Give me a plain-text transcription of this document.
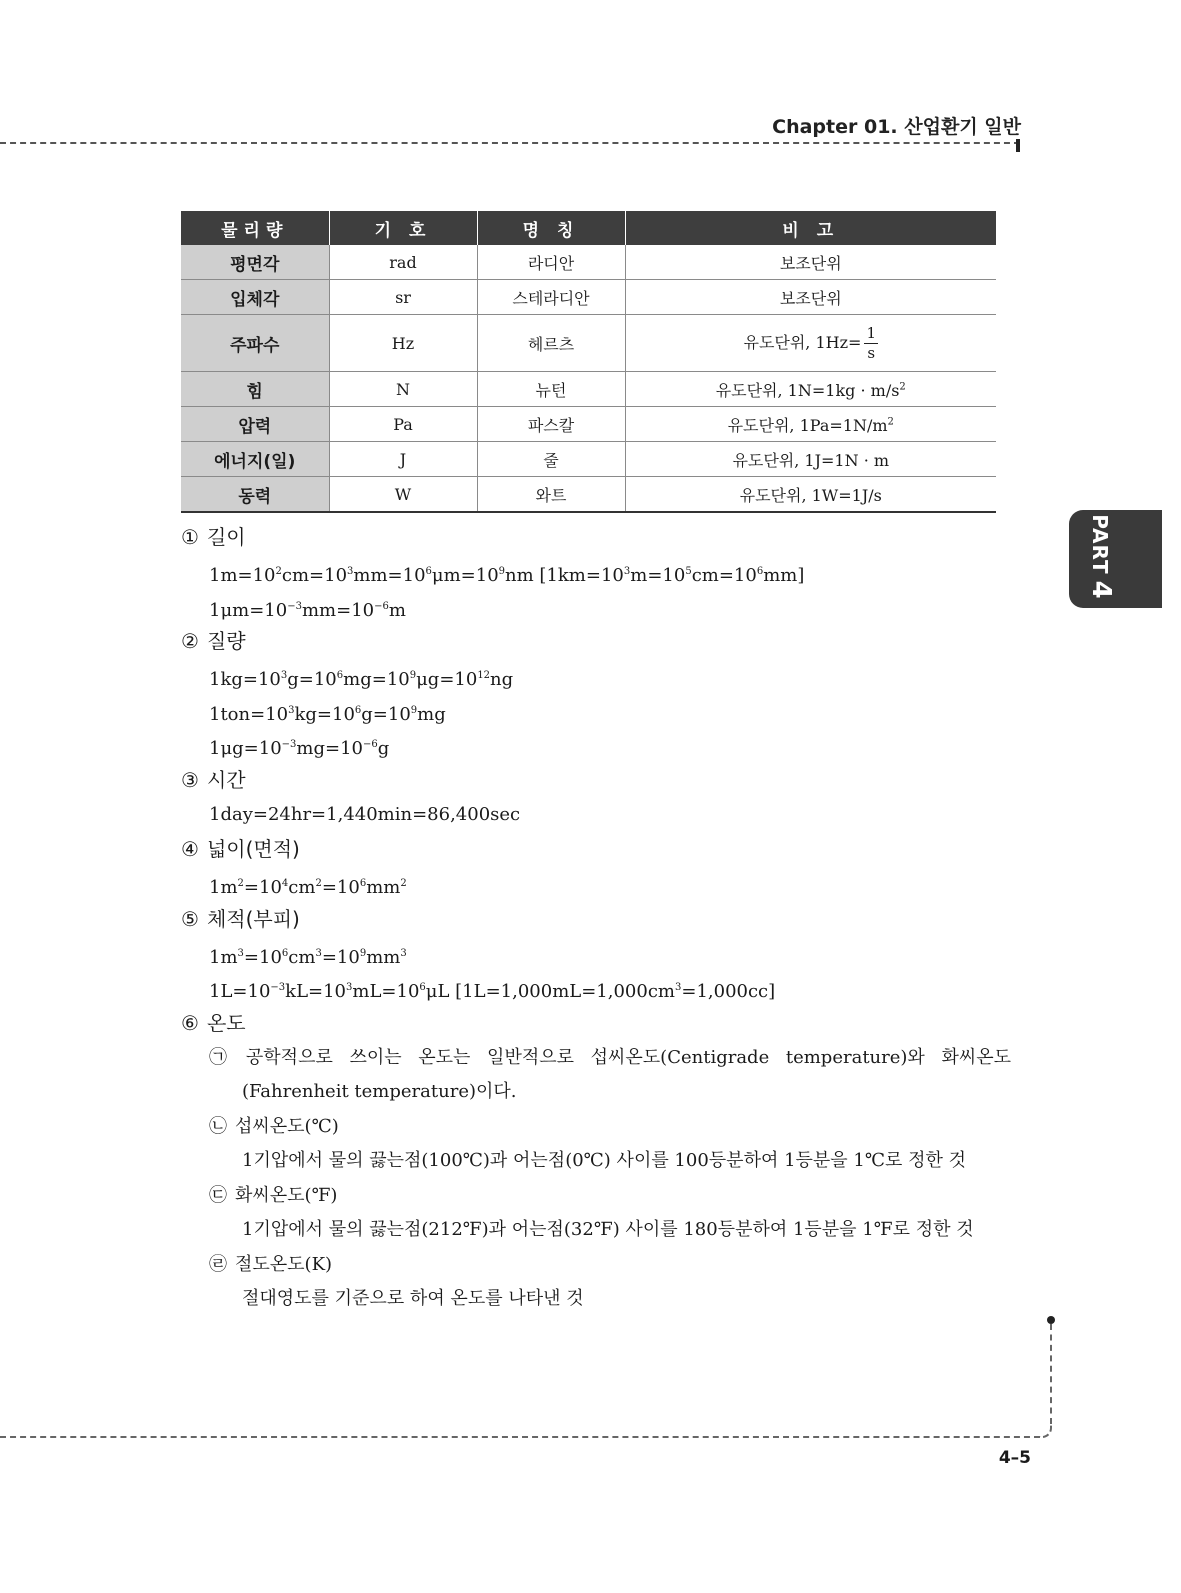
Chapter 01. 산업환기 일반
물리량	기 호	명 칭	비 고
평면각	rad	라디안	보조단위
입체각	sr	스테라디안	보조단위
주파수	Hz	헤르츠	유도단위, $1Hz= \frac{1}{s}$

힘	N	뉴턴	유도단위, $1N=1kg \cdot m/s^2$
압력	Pa	파스칼	유도단위, $1Pa=1N/m^2$
에너지(일)	J	줄	유도단위, 1J=1N · m
동력	W	와트	유도단위, 1W=1J/s
① 길이
$1m=10^2cm=10^3mm=10^6\mu m=10^9nm$ $[1km=10^3m=10^5cm=10^6mm]$
$1\mu m=10^{-3}mm=10^{-6}m$
② 질량
$1kg=10^3g=10^6mg=10^9\mu g=10^{12}ng$
$1ton=10^3kg=10^6g=10^9mg$
$1\mu g=10^{-3}mg=10^{-6}g$
③ 시간
1day=24hr=1,440min=86,400sec
④ 넓이(면적)
$1m^2=10^4cm^2=10^6mm^2$
⑤ 체적(부피)
$1m^3=10^6cm^3=10^9mm^3$
$1L=10^{-3}kL=10^3mL=10^6\mu L$ $[1L=1,000mL=1,000cm^3=1,000cc]$
⑥ 온도
㉠ 공학적으로 쓰이는 온도는 일반적으로 섭씨온도(Centigrade temperature)와 화씨온도(Fahrenheit temperature)이다.
㉡ 섭씨온도(℃)
1기압에서 물의 끓는점(100℃)과 어는점(0℃) 사이를 100등분하여 1등분을 1℃로 정한 것
㉢ 화씨온도(℉)
1기압에서 물의 끓는점(212℉)과 어는점(32℉) 사이를 180등분하여 1등분을 1℉로 정한 것
㉣ 절도온도(K)
절대영도를 기준으로 하여 온도를 나타낸 것
PART4
4–5
